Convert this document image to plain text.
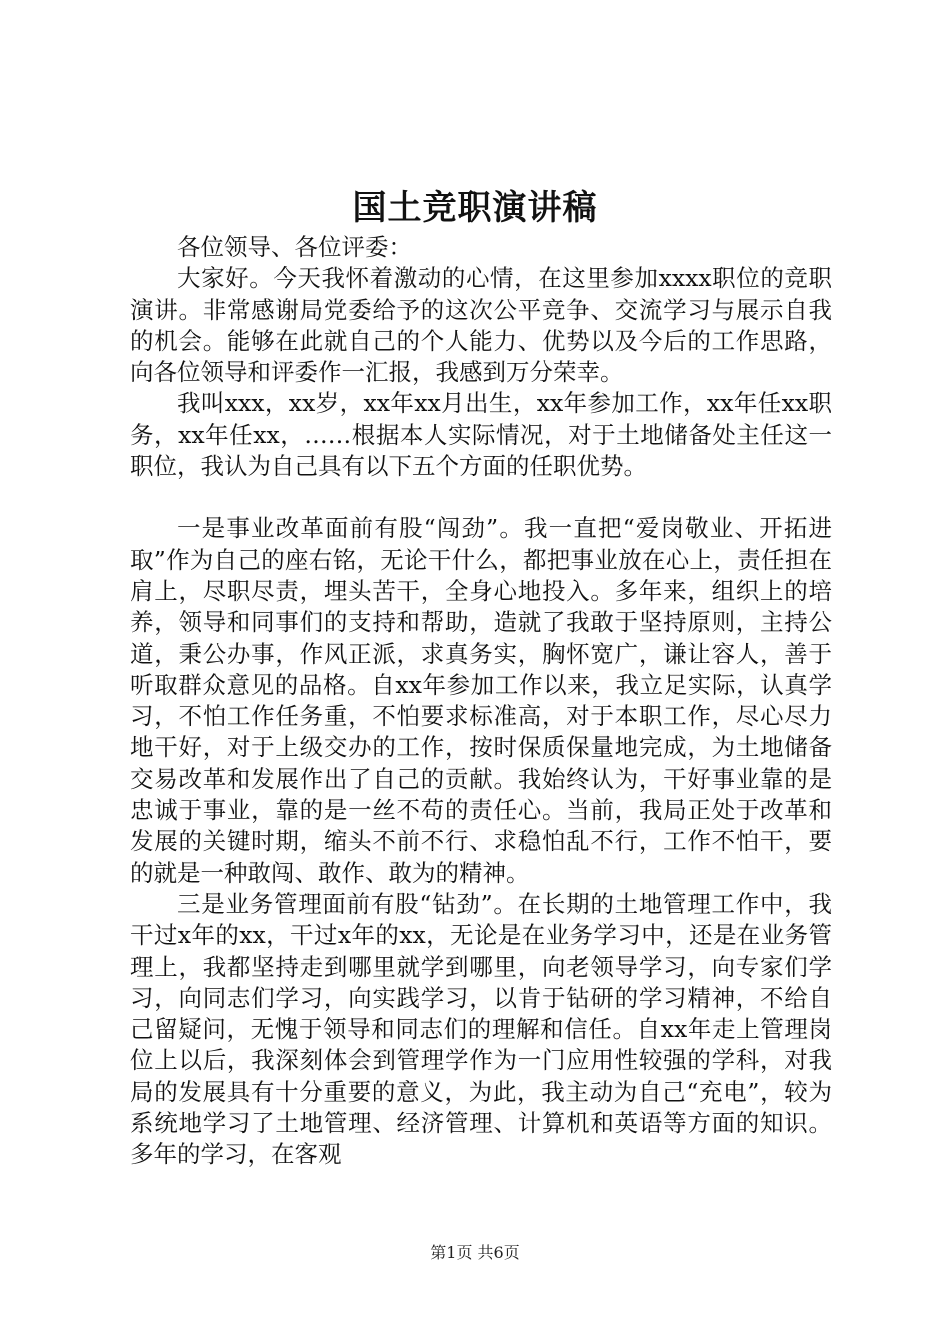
国土竞职演讲稿

各位领导、各位评委：

大家好。今天我怀着激动的心情，在这里参加xxxx职位的竞职演讲。非常感谢局党委给予的这次公平竞争、交流学习与展示自我的机会。能够在此就自己的个人能力、优势以及今后的工作思路，向各位领导和评委作一汇报，我感到万分荣幸。

我叫xxx，xx岁，xx年xx月出生，xx年参加工作，xx年任xx职务，xx年任xx，……根据本人实际情况，对于土地储备处主任这一职位，我认为自己具有以下五个方面的任职优势。

一是事业改革面前有股“闯劲”。我一直把“爱岗敬业、开拓进取”作为自己的座右铭，无论干什么，都把事业放在心上，责任担在肩上，尽职尽责，埋头苦干，全身心地投入。多年来，组织上的培养，领导和同事们的支持和帮助，造就了我敢于坚持原则，主持公道，秉公办事，作风正派，求真务实，胸怀宽广，谦让容人，善于听取群众意见的品格。自xx年参加工作以来，我立足实际，认真学习，不怕工作任务重，不怕要求标准高，对于本职工作，尽心尽力地干好，对于上级交办的工作，按时保质保量地完成，为土地储备交易改革和发展作出了自己的贡献。我始终认为，干好事业靠的是忠诚于事业，靠的是一丝不苟的责任心。当前，我局正处于改革和发展的关键时期，缩头不前不行、求稳怕乱不行，工作不怕干，要的就是一种敢闯、敢作、敢为的精神。

三是业务管理面前有股“钻劲”。在长期的土地管理工作中，我干过x年的xx，干过x年的xx，无论是在业务学习中，还是在业务管理上，我都坚持走到哪里就学到哪里，向老领导学习，向专家们学习，向同志们学习，向实践学习，以肯于钻研的学习精神，不给自己留疑问，无愧于领导和同志们的理解和信任。自xx年走上管理岗位上以后，我深刻体会到管理学作为一门应用性较强的学科，对我局的发展具有十分重要的意义，为此，我主动为自己“充电”，较为系统地学习了土地管理、经济管理、计算机和英语等方面的知识。多年的学习，在客观

第1页 共6页
